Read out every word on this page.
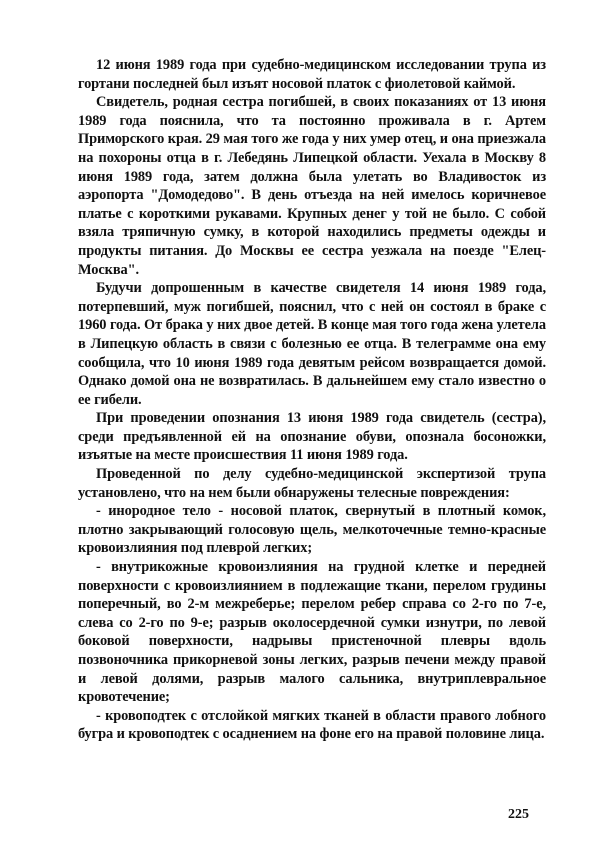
12 июня 1989 года при судебно-медицинском исследовании трупа из гортани последней был изъят носовой платок с фиолетовой каймой.

Свидетель, родная сестра погибшей, в своих показаниях от 13 июня 1989 года пояснила, что та постоянно проживала в г. Артем Приморского края. 29 мая того же года у них умер отец, и она приезжала на похороны отца в г. Лебедянь Липецкой области. Уехала в Москву 8 июня 1989 года, затем должна была улетать во Владивосток из аэропорта "Домодедово". В день отъезда на ней имелось коричневое платье с короткими рукавами. Крупных денег у той не было. С собой взяла тряпичную сумку, в которой находились предметы одежды и продукты питания. До Москвы ее сестра уезжала на поезде "Елец-Москва".

Будучи допрошенным в качестве свидетеля 14 июня 1989 года, потерпевший, муж погибшей, пояснил, что с ней он состоял в браке с 1960 года. От брака у них двое детей. В конце мая того года жена улетела в Липецкую область в связи с болезнью ее отца. В телеграмме она ему сообщила, что 10 июня 1989 года девятым рейсом возвращается домой. Однако домой она не возвратилась. В дальнейшем ему стало известно о ее гибели.

При проведении опознания 13 июня 1989 года свидетель (сестра), среди предъявленной ей на опознание обуви, опознала босоножки, изъятые на месте происшествия 11 июня 1989 года.

Проведенной по делу судебно-медицинской экспертизой трупа установлено, что на нем были обнаружены телесные повреждения:

- инородное тело - носовой платок, свернутый в плотный комок, плотно закрывающий голосовую щель, мелкоточечные темно-красные кровоизлияния под плеврой легких;

- внутрикожные кровоизлияния на грудной клетке и передней поверхности с кровоизлиянием в подлежащие ткани, перелом грудины поперечный, во 2-м межреберье; перелом ребер справа со 2-го по 7-е, слева со 2-го по 9-е; разрыв околосердечной сумки изнутри, по левой боковой поверхности, надрывы пристеночной плевры вдоль позвоночника прикорневой зоны легких, разрыв печени между правой и левой долями, разрыв малого сальника, внутриплевральное кровотечение;

- кровоподтек с отслойкой мягких тканей в области правого лобного бугра и кровоподтек с осаднением на фоне его на правой половине лица.

225
